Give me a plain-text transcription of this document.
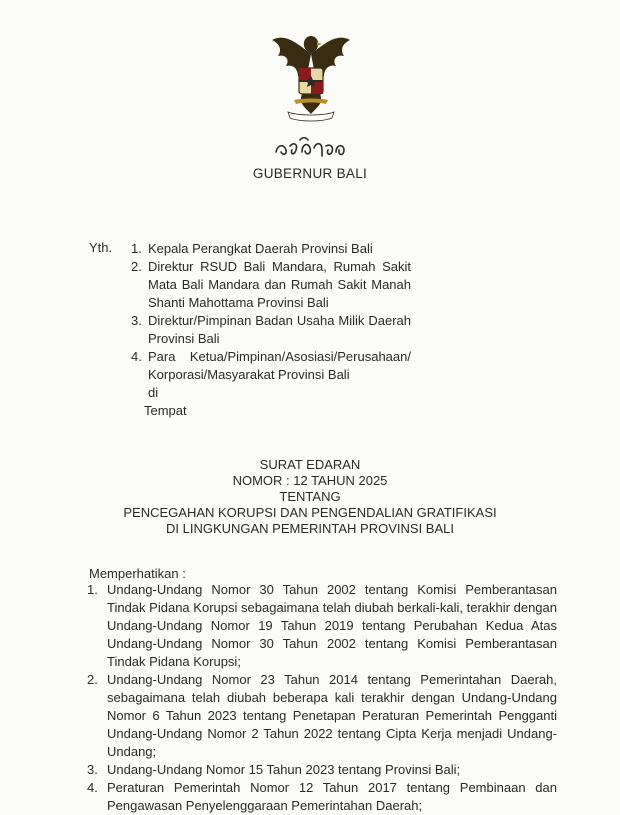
GUBERNUR BALI
Yth. 1. Kepala Perangkat Daerah Provinsi Bali
2. Direktur RSUD Bali Mandara, Rumah Sakit Mata Bali Mandara dan Rumah Sakit Manah Shanti Mahottama Provinsi Bali
3. Direktur/Pimpinan Badan Usaha Milik Daerah Provinsi Bali
4. Para Ketua/Pimpinan/Asosiasi/Perusahaan/ Korporasi/Masyarakat Provinsi Bali
di
Tempat
SURAT EDARAN
NOMOR : 12 TAHUN 2025
TENTANG
PENCEGAHAN KORUPSI DAN PENGENDALIAN GRATIFIKASI
DI LINGKUNGAN PEMERINTAH PROVINSI BALI
Memperhatikan :
1. Undang-Undang Nomor 30 Tahun 2002 tentang Komisi Pemberantasan Tindak Pidana Korupsi sebagaimana telah diubah berkali-kali, terakhir dengan Undang-Undang Nomor 19 Tahun 2019 tentang Perubahan Kedua Atas Undang-Undang Nomor 30 Tahun 2002 tentang Komisi Pemberantasan Tindak Pidana Korupsi;
2. Undang-Undang Nomor 23 Tahun 2014 tentang Pemerintahan Daerah, sebagaimana telah diubah beberapa kali terakhir dengan Undang-Undang Nomor 6 Tahun 2023 tentang Penetapan Peraturan Pemerintah Pengganti Undang-Undang Nomor 2 Tahun 2022 tentang Cipta Kerja menjadi Undang-Undang;
3. Undang-Undang Nomor 15 Tahun 2023 tentang Provinsi Bali;
4. Peraturan Pemerintah Nomor 12 Tahun 2017 tentang Pembinaan dan Pengawasan Penyelenggaraan Pemerintahan Daerah;
